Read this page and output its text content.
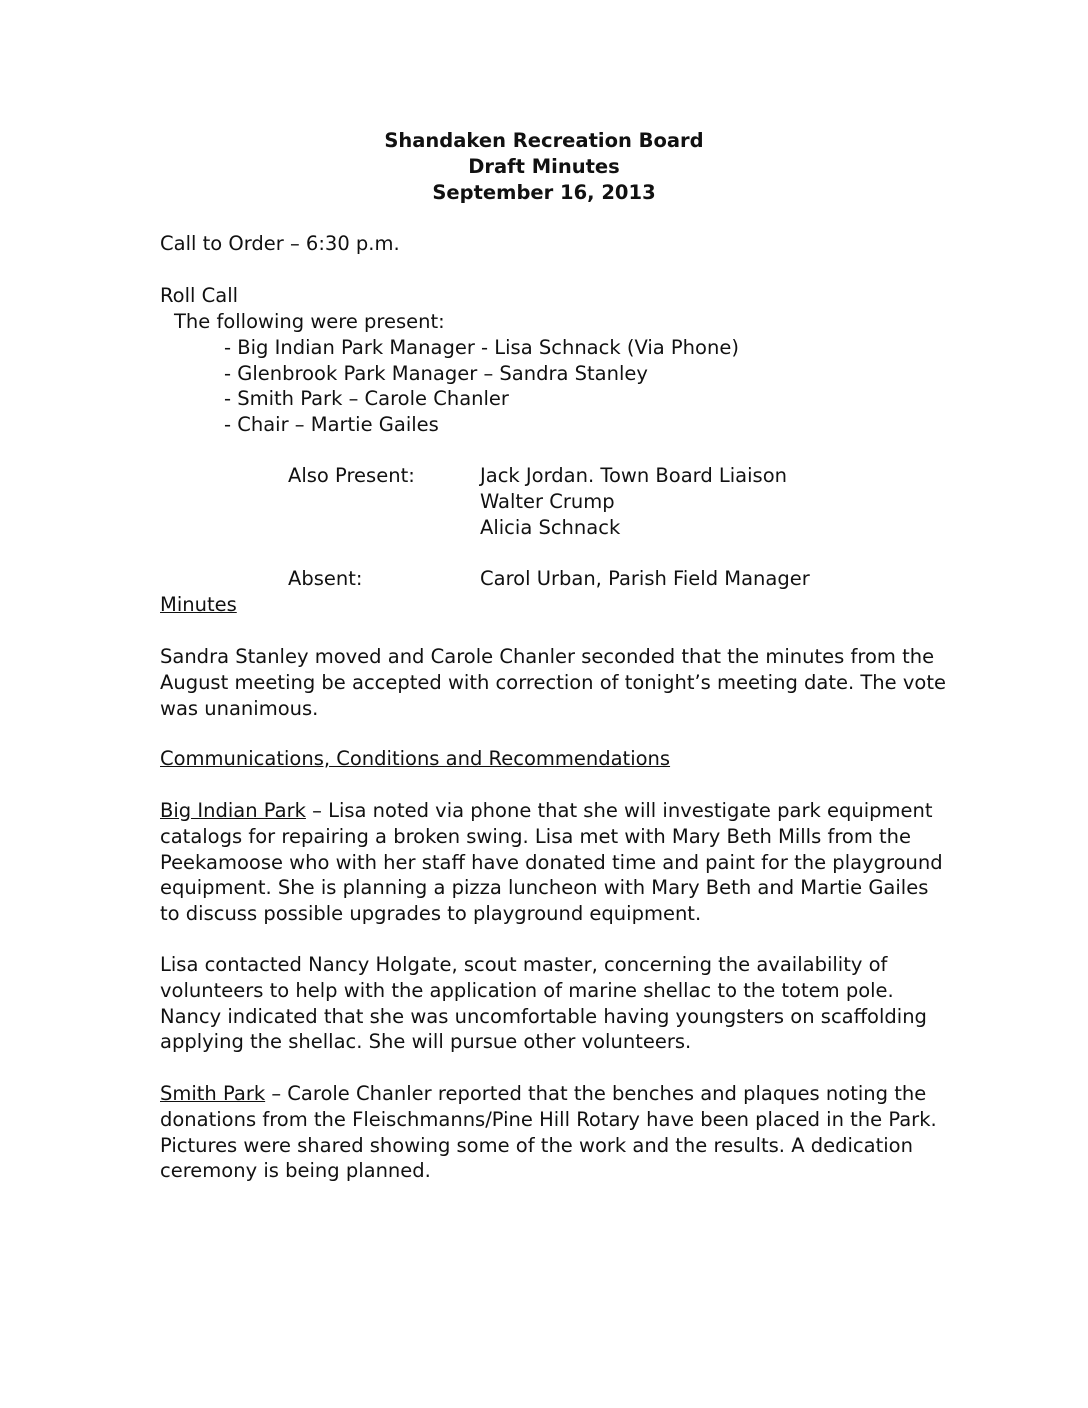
Shandaken Recreation Board
Draft Minutes
September 16, 2013
Call to Order – 6:30 p.m.
Roll Call
The following were present:
- Big Indian Park Manager - Lisa Schnack (Via Phone)
- Glenbrook Park Manager – Sandra Stanley
- Smith Park – Carole Chanler
- Chair – Martie Gailes
Also Present:	Jack Jordan. Town Board Liaison
Walter Crump
Alicia Schnack
Absent:	Carol Urban, Parish Field Manager
Minutes
Sandra Stanley moved and Carole Chanler seconded that the minutes from the
August meeting be accepted with correction of tonight’s meeting date. The vote
was unanimous.
Communications, Conditions and Recommendations
Big Indian Park – Lisa noted via phone that she will investigate park equipment
catalogs for repairing a broken swing. Lisa met with Mary Beth Mills from the
Peekamoose who with her staff have donated time and paint for the playground
equipment. She is planning a pizza luncheon with Mary Beth and Martie Gailes
to discuss possible upgrades to playground equipment.
Lisa contacted Nancy Holgate, scout master, concerning the availability of
volunteers to help with the application of marine shellac to the totem pole.
Nancy indicated that she was uncomfortable having youngsters on scaffolding
applying the shellac. She will pursue other volunteers.
Smith Park – Carole Chanler reported that the benches and plaques noting the
donations from the Fleischmanns/Pine Hill Rotary have been placed in the Park.
Pictures were shared showing some of the work and the results. A dedication
ceremony is being planned.
